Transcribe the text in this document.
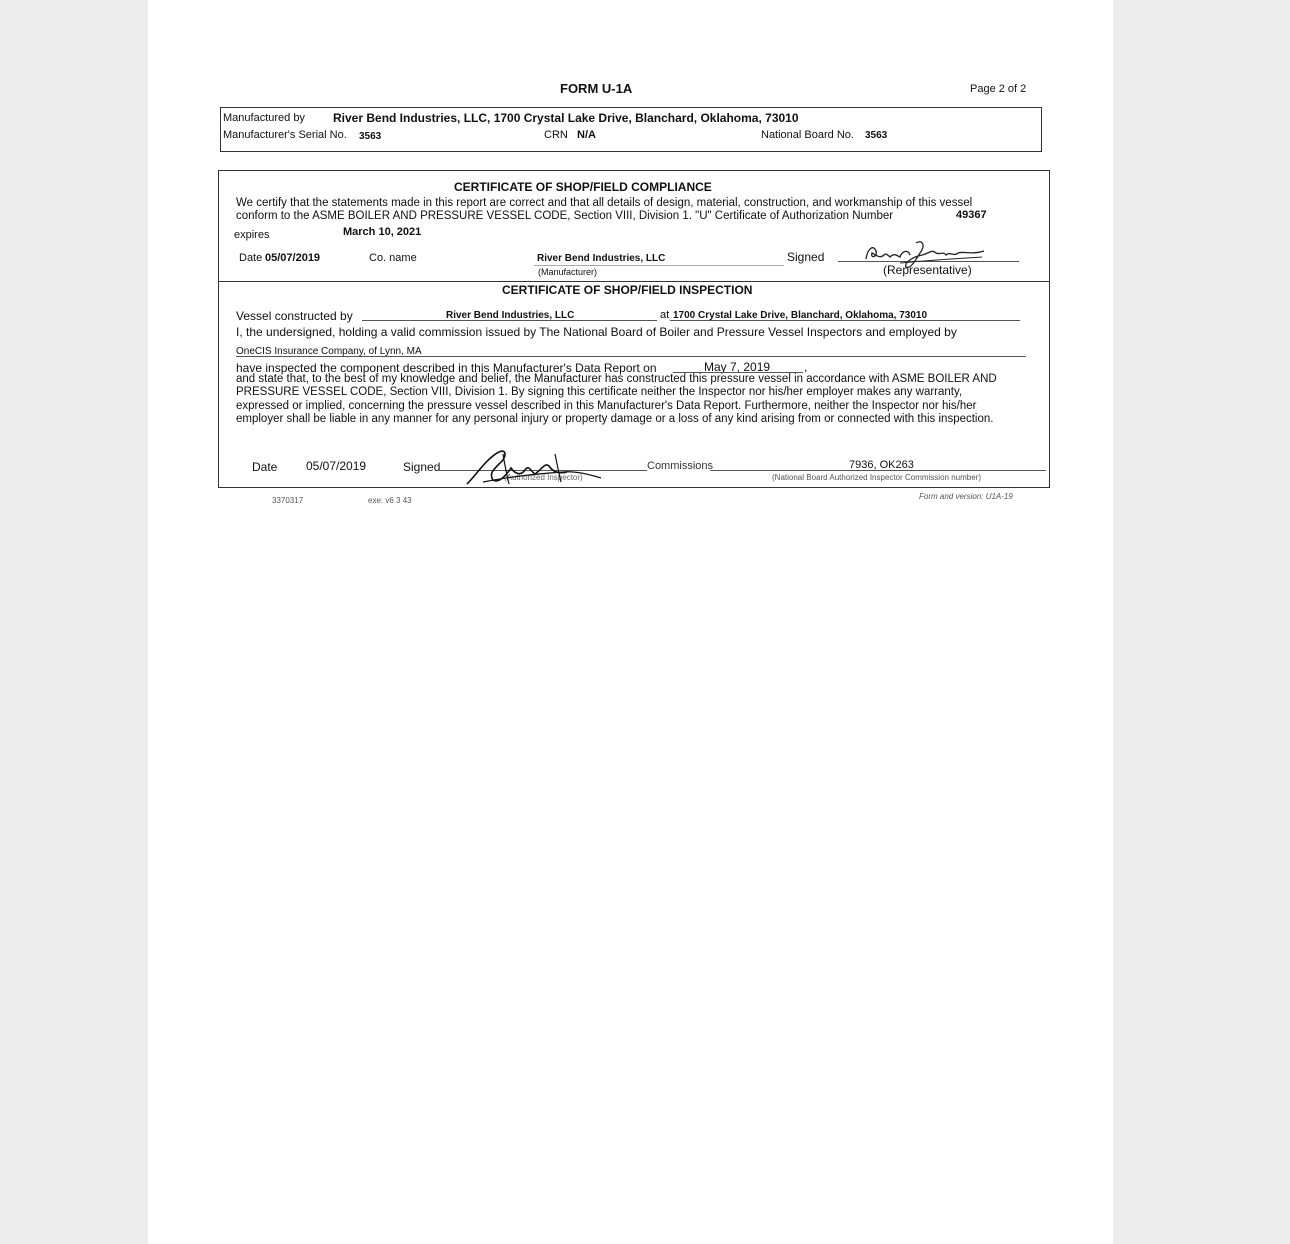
FORM U-1A	Page 2 of 2
Manufactured by River Bend Industries, LLC, 1700 Crystal Lake Drive, Blanchard, Oklahoma, 73010
Manufacturer's Serial No. 3563	CRN N/A	National Board No. 3563
CERTIFICATE OF SHOP/FIELD COMPLIANCE
We certify that the statements made in this report are correct and that all details of design, material, construction, and workmanship of this vessel
conform to the ASME BOILER AND PRESSURE VESSEL CODE, Section VIII, Division 1. "U" Certificate of Authorization Number	49367
expires	March 10, 2021
Date 05/07/2019	Co. name	River Bend Industries, LLC
(Manufacturer)
Signed
(Representative)
CERTIFICATE OF SHOP/FIELD INSPECTION
Vessel constructed by	River Bend Industries, LLC	at 1700 Crystal Lake Drive, Blanchard, Oklahoma, 73010
I, the undersigned, holding a valid commission issued by The National Board of Boiler and Pressure Vessel Inspectors and employed by
OneCIS Insurance Company, of Lynn, MA
have inspected the component described in this Manufacturer's Data Report on	May 7, 2019	,
and state that, to the best of my knowledge and belief, the Manufacturer has constructed this pressure vessel in accordance with ASME BOILER AND PRESSURE VESSEL CODE, Section VIII, Division 1. By signing this certificate neither the Inspector nor his/her employer makes any warranty, expressed or implied, concerning the pressure vessel described in this Manufacturer's Data Report. Furthermore, neither the Inspector nor his/her employer shall be liable in any manner for any personal injury or property damage or a loss of any kind arising from or connected with this inspection.
Date 05/07/2019	Signed
(Authorized Inspector)
Commissions	7936, OK263
(National Board Authorized Inspector Commission number)
3370317	exe: v6 3 43	Form and version: U1A-19
